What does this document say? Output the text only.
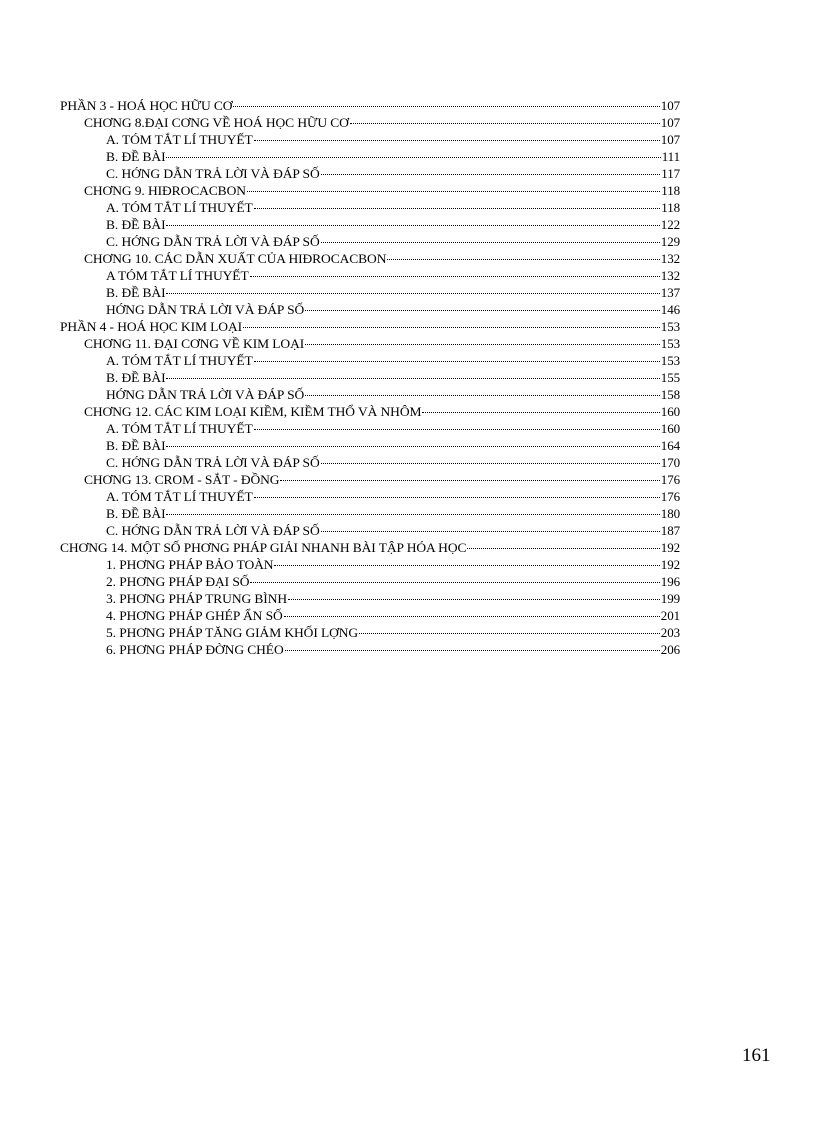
PHẦN 3 - HOÁ HỌC HỮU CƠ	107
CHƠNG 8.ĐẠI CƠNG VỀ HOÁ HỌC HỮU CƠ	107
A. TÓM TẮT LÍ THUYẾT	107
B. ĐỀ BÀI	111
C. HỚNG DẪN TRẢ LỜI VÀ ĐÁP SỐ	117
CHƠNG 9. HIĐROCACBON	118
A. TÓM TẮT LÍ THUYẾT	118
B. ĐỀ BÀI	122
C. HỚNG DẪN TRẢ LỜI VÀ ĐÁP SỐ	129
CHƠNG 10. CÁC DẪN XUẤT CỦA HIĐROCACBON	132
A TÓM TẮT LÍ THUYẾT	132
B. ĐỀ BÀI	137
HỚNG DẪN TRẢ LỜI VÀ ĐÁP SỐ	146
PHẦN 4 - HOÁ HỌC KIM LOẠI	153
CHƠNG 11. ĐẠI CƠNG VỀ KIM LOẠI	153
A. TÓM TẮT LÍ THUYẾT	153
B. ĐỀ BÀI	155
HỚNG DẪN TRẢ LỜI VÀ ĐÁP SỐ	158
CHƠNG 12. CÁC KIM LOẠI KIỀM, KIỀM THỔ VÀ NHÔM	160
A. TÓM TẮT LÍ THUYẾT	160
B. ĐỀ BÀI	164
C. HỚNG DẪN TRẢ LỜI VÀ ĐÁP SỐ	170
CHƠNG 13. CROM - SẮT - ĐỒNG	176
A. TÓM TẮT LÍ THUYẾT	176
B. ĐỀ BÀI	180
C. HỚNG DẪN TRẢ LỜI VÀ ĐÁP SỐ	187
CHƠNG 14. MỘT SỐ PHƠNG PHÁP GIẢI NHANH BÀI TẬP HÓA HỌC	192
1. PHƠNG PHÁP BẢO TOÀN	192
2. PHƠNG PHÁP ĐẠI SỐ	196
3. PHƠNG PHÁP TRUNG BÌNH	199
4. PHƠNG PHÁP GHÉP ẨN SỐ	201
5. PHƠNG PHÁP TĂNG GIẢM KHỐI LỢNG	203
6. PHƠNG PHÁP ĐỜNG CHÉO	206
161
